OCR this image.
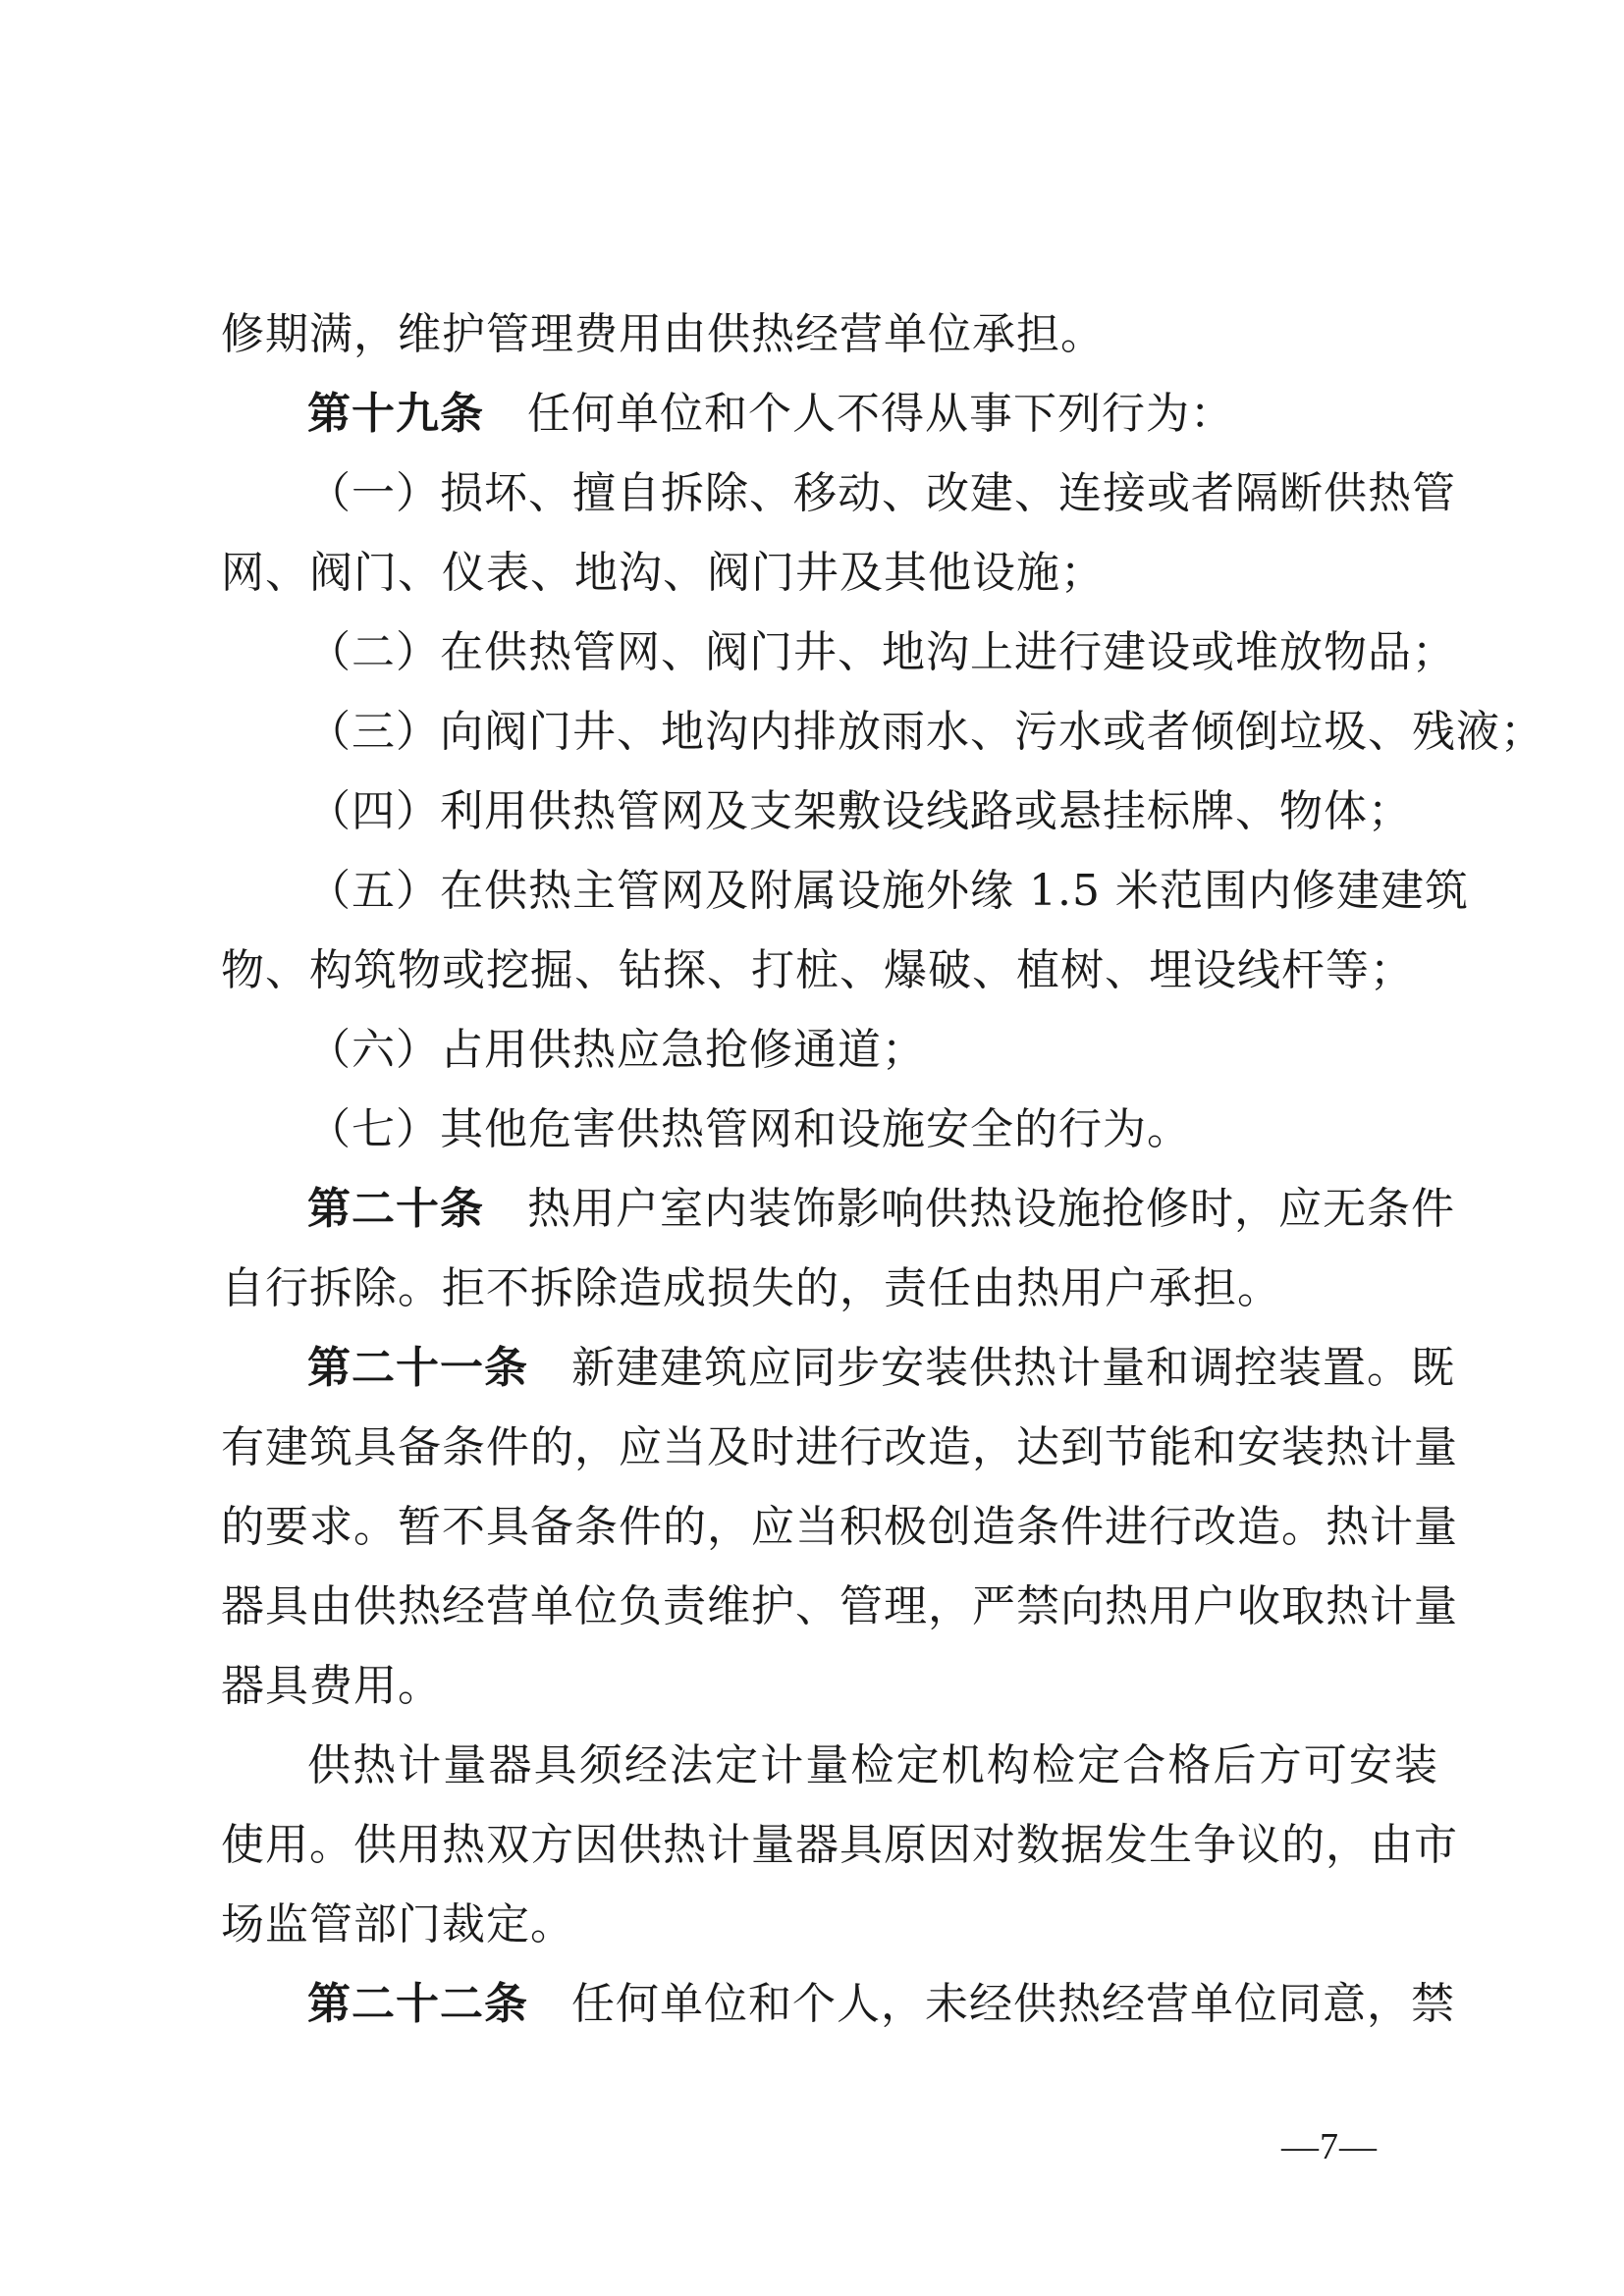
修期满，维护管理费用由供热经营单位承担。
第十九条 任何单位和个人不得从事下列行为：
（一）损坏、擅自拆除、移动、改建、连接或者隔断供热管
网、阀门、仪表、地沟、阀门井及其他设施；
（二）在供热管网、阀门井、地沟上进行建设或堆放物品；
（三）向阀门井、地沟内排放雨水、污水或者倾倒垃圾、残液；
（四）利用供热管网及支架敷设线路或悬挂标牌、物体；
（五）在供热主管网及附属设施外缘 1.5 米范围内修建建筑
物、构筑物或挖掘、钻探、打桩、爆破、植树、埋设线杆等；
（六）占用供热应急抢修通道；
（七）其他危害供热管网和设施安全的行为。
第二十条 热用户室内装饰影响供热设施抢修时，应无条件
自行拆除。拒不拆除造成损失的，责任由热用户承担。
第二十一条 新建建筑应同步安装供热计量和调控装置。既
有建筑具备条件的，应当及时进行改造，达到节能和安装热计量
的要求。暂不具备条件的，应当积极创造条件进行改造。热计量
器具由供热经营单位负责维护、管理，严禁向热用户收取热计量
器具费用。
供热计量器具须经法定计量检定机构检定合格后方可安装
使用。供用热双方因供热计量器具原因对数据发生争议的，由市
场监管部门裁定。
第二十二条 任何单位和个人，未经供热经营单位同意，禁
—7—
